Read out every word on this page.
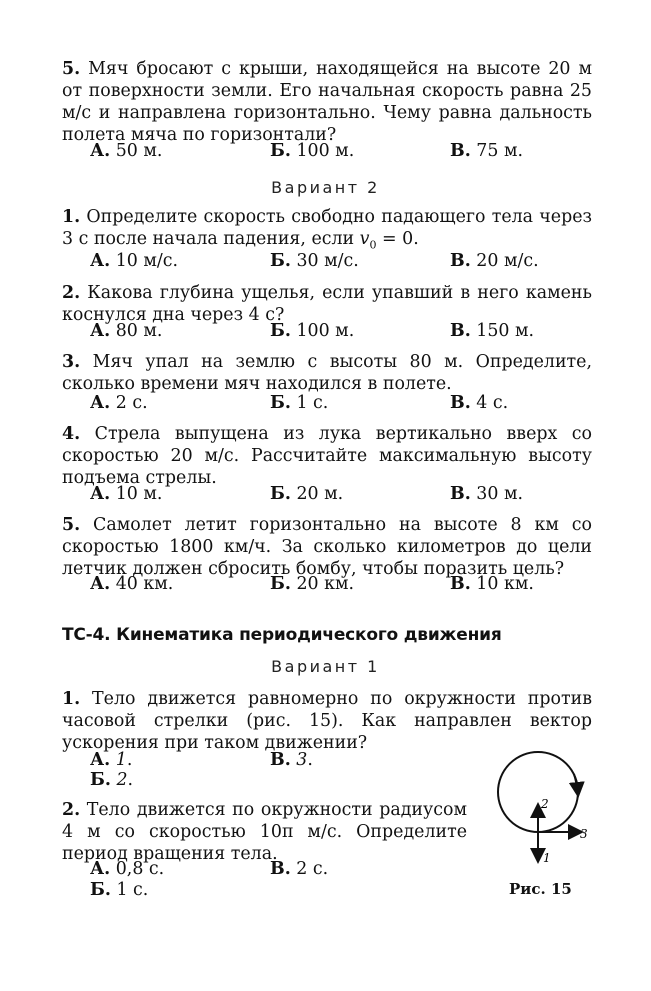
5. Мяч бросают с крыши, находящейся на высоте 20 м от поверхности земли. Его начальная скорость равна 25 м/с и направлена горизонтально. Чему равна дальность полета мяча по горизонтали?
А. 50 м.	Б. 100 м.	В. 75 м.
Вариант 2
1. Определите скорость свободно падающего тела через 3 с после начала падения, если $v_0 = 0$.
А. 10 м/с.	Б. 30 м/с.	В. 20 м/с.
2. Какова глубина ущелья, если упавший в него камень коснулся дна через 4 с?
А. 80 м.	Б. 100 м.	В. 150 м.
3. Мяч упал на землю с высоты 80 м. Определите, сколько времени мяч находился в полете.
А. 2 с.	Б. 1 с.	В. 4 с.
4. Стрела выпущена из лука вертикально вверх со скоростью 20 м/с. Рассчитайте максимальную высоту подъема стрелы.
А. 10 м.	Б. 20 м.	В. 30 м.
5. Самолет летит горизонтально на высоте 8 км со скоростью 1800 км/ч. За сколько километров до цели летчик должен сбросить бомбу, чтобы поразить цель?
А. 40 км.	Б. 20 км.	В. 10 км.
ТС-4. Кинематика периодического движения
Вариант 1
1. Тело движется равномерно по окружности против часовой стрелки (рис. 15). Как направлен вектор ускорения при таком движении?
А. 1.	В. 3.
Б. 2.
2. Тело движется по окружности радиусом 4 м со скоростью 10π м/с. Определите период вращения тела.
А. 0,8 с.	В. 2 с.
Б. 1 с.
2
3
1
Рис. 15
